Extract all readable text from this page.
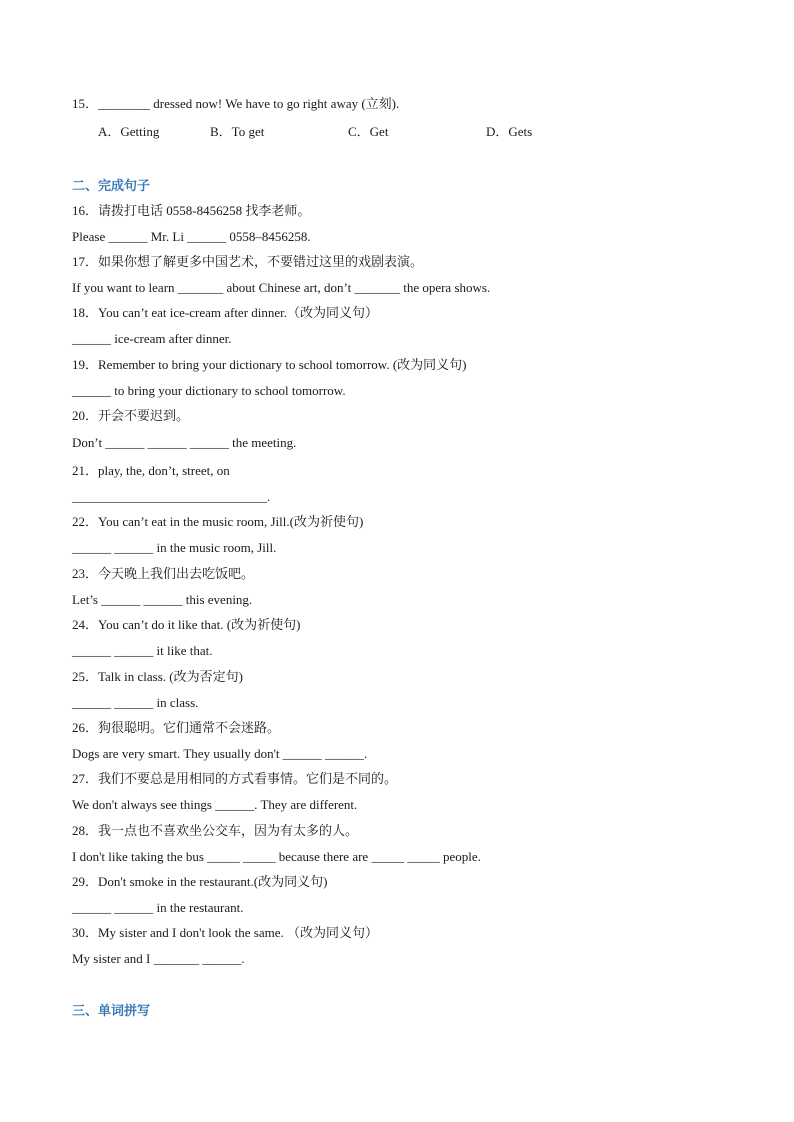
15．________ dressed now! We have to go right away (立刻).
A．Getting	B．To get	C．Get	D．Gets
二、完成句子
16．请拨打电话 0558-8456258 找李老师。
Please ______ Mr. Li ______ 0558–8456258.
17．如果你想了解更多中国艺术，不要错过这里的戏剧表演。
If you want to learn _______ about Chinese art, don’t _______ the opera shows.
18．You can’t eat ice-cream after dinner.（改为同义句）
______ ice-cream after dinner.
19．Remember to bring your dictionary to school tomorrow. (改为同义句)
______ to bring your dictionary to school tomorrow.
20．开会不要迟到。
Don’t ______ ______ ______ the meeting.
21．play, the, don’t, street, on
______________________________.
22．You can’t eat in the music room, Jill.(改为祈使句)
______ ______ in the music room, Jill.
23．今天晚上我们出去吃饭吧。
Let’s ______ ______ this evening.
24．You can’t do it like that. (改为祈使句)
______ ______ it like that.
25．Talk in class. (改为否定句)
______ ______ in class.
26．狗很聪明。它们通常不会迷路。
Dogs are very smart. They usually don't ______ ______.
27．我们不要总是用相同的方式看事情。它们是不同的。
We don't always see things ______. They are different.
28．我一点也不喜欢坐公交车，因为有太多的人。
I don't like taking the bus _____ _____ because there are _____ _____ people.
29．Don't smoke in the restaurant.(改为同义句)
______ ______ in the restaurant.
30．My sister and I don't look the same. （改为同义句）
My sister and I _______ ______.
三、单词拼写
